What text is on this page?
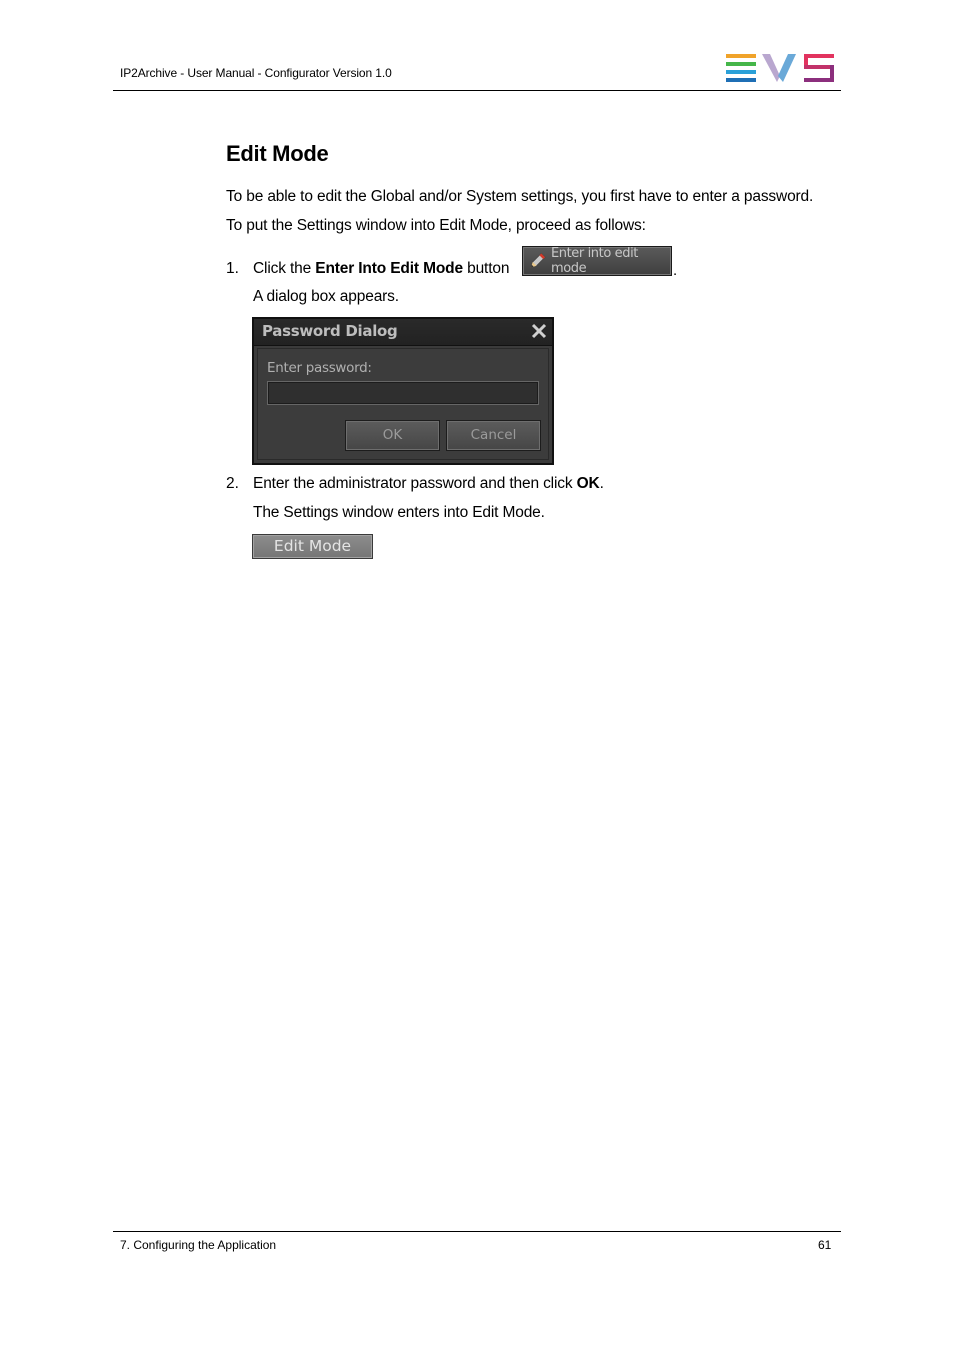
IP2Archive - User Manual - Configurator Version 1.0
Edit Mode
To be able to edit the Global and/or System settings, you first have to enter a password.
To put the Settings window into Edit Mode, proceed as follows:
1. Click the Enter Into Edit Mode button
Enter into edit mode	.
A dialog box appears.
Password Dialog
Enter password:
OK	Cancel
2. Enter the administrator password and then click OK.
The Settings window enters into Edit Mode.
Edit Mode
7. Configuring the Application	61
